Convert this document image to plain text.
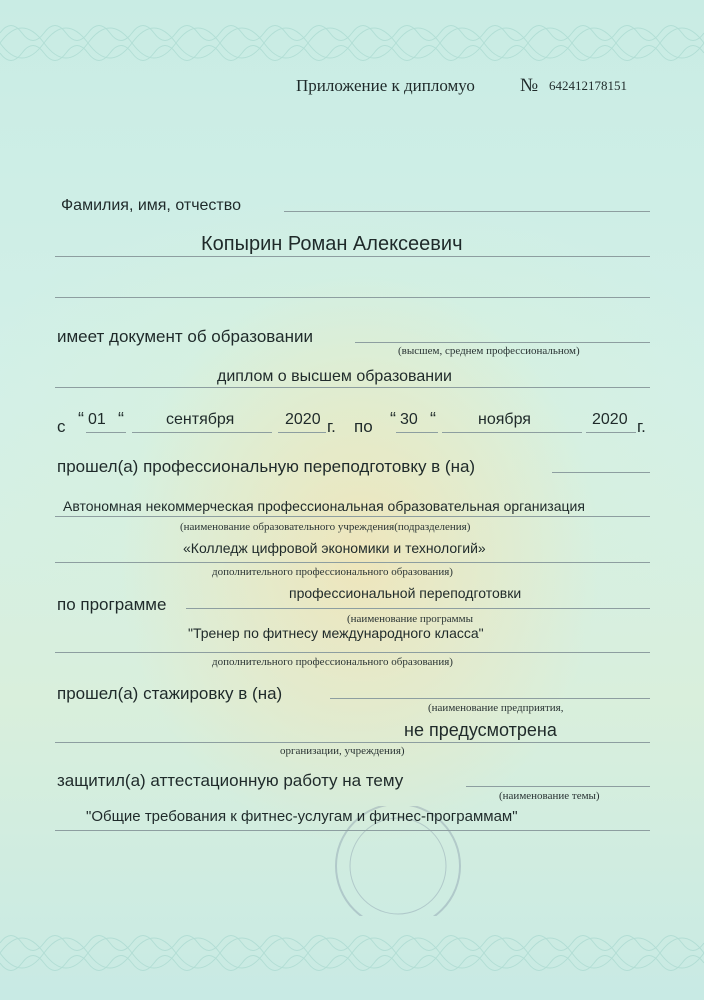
Приложение к дипломуо № 642412178151
Фамилия, имя, отчество
Копырин Роман Алексеевич
имеет документ об образовании
(высшем, среднем профессиональном)
диплом о высшем образовании
с “ 01 “	сентября	2020 г. по “ 30 “	ноября	2020 г.
прошел(а) профессиональную переподготовку в (на)
Автономная некоммерческая профессиональная образовательная организация
(наименование образовательного учреждения(подразделения)
«Колледж цифровой экономики и технологий»
дополнительного профессионального образования)
по программе
профессиональной переподготовки
(наименование программы
"Тренер по фитнесу международного класса"
дополнительного профессионального образования)
прошел(а) стажировку в (на)
(наименование предприятия,
не предусмотрена
организации, учреждения)
защитил(а) аттестационную работу на тему
(наименование темы)
"Общие требования к фитнес-услугам и фитнес-программам"
